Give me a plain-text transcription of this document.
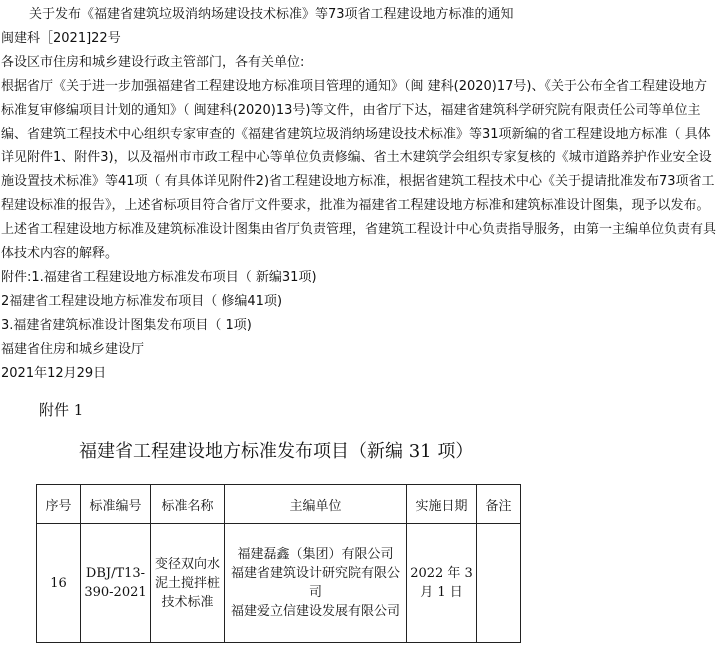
关于发布《福建省建筑垃圾消纳场建设技术标准》等73项省工程建设地方标准的通知

闽建科［2021]22号

各设区市住房和城乡建设行政主管部门，各有关单位:

根据省厅《关于进一步加强福建省工程建设地方标准项目管理的通知》（闽 建科(2020)17号)、《关于公布全省工程建设地方标准复审修编项目计划的通知》（ 闽建科(2020)13号)等文件，由省厅下达，福建省建筑科学研究院有限责任公司等单位主编、省建筑工程技术中心组织专家审查的《福建省建筑垃圾消纳场建设技术标准》等31项新编的省工程建设地方标准（ 具体详见附件1、附件3)，以及福州市市政工程中心等单位负责修编、省土木建筑学会组织专家复核的《城市道路养护作业安全设施设置技术标准》等41项（ 有具体详见附件2)省工程建设地方标准，根据省建筑工程技术中心《关于提请批准发布73项省工程建设标准的报告》，上述省标项目符合省厅文件要求，批准为福建省工程建设地方标准和建筑标准设计图集，现予以发布。

上述省工程建设地方标准及建筑标准设计图集由省厅负责管理，省建筑工程设计中心负责指导服务，由第一主编单位负责有具体技术内容的解释。

附件:1.福建省工程建设地方标准发布项目（ 新编31项)

2福建省工程建设地方标准发布项目（ 修编41项)

3.福建省建筑标准设计图集发布项目（ 1项)

福建省住房和城乡建设厅

2021年12月29日

附件 1
福建省工程建设地方标准发布项目（新编 31 项）
序号	标准编号	标准名称	主编单位	实施日期	备注
16	DBJ/T13-390-2021	变径双向水泥土搅拌桩技术标准	福建磊鑫（集团）有限公司
福建省建筑设计研究院有限公司
福建爱立信建设发展有限公司	2022 年 3 月 1 日	
